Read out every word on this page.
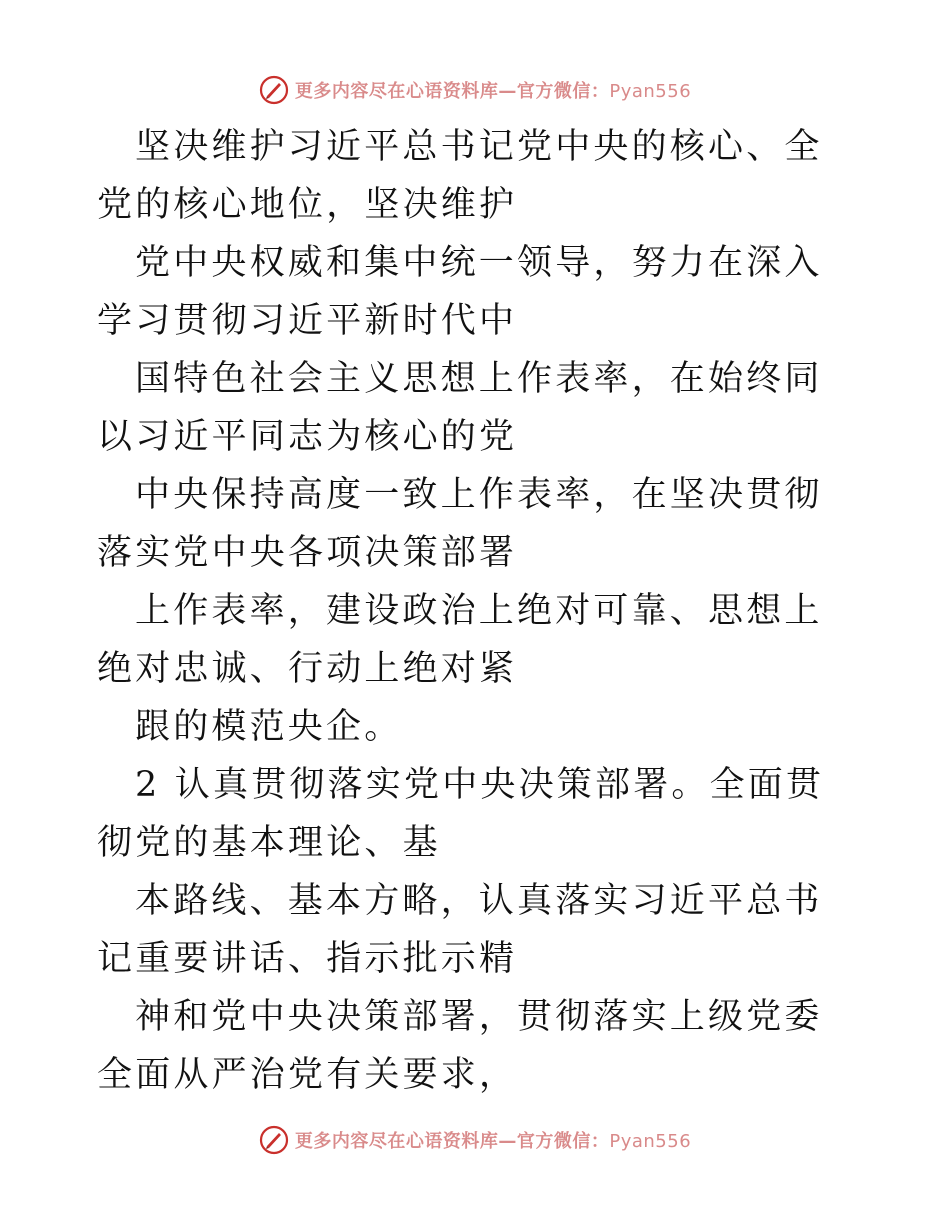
更多内容尽在心语资料库—官方微信：Pyan556

坚决维护习近平总书记党中央的核心、全党的核心地位，坚决维护

党中央权威和集中统一领导，努力在深入学习贯彻习近平新时代中

国特色社会主义思想上作表率，在始终同以习近平同志为核心的党

中央保持高度一致上作表率，在坚决贯彻落实党中央各项决策部署

上作表率，建设政治上绝对可靠、思想上绝对忠诚、行动上绝对紧

跟的模范央企。

2 认真贯彻落实党中央决策部署。全面贯彻党的基本理论、基

本路线、基本方略，认真落实习近平总书记重要讲话、指示批示精

神和党中央决策部署，贯彻落实上级党委全面从严治党有关要求，

更多内容尽在心语资料库—官方微信：Pyan556
